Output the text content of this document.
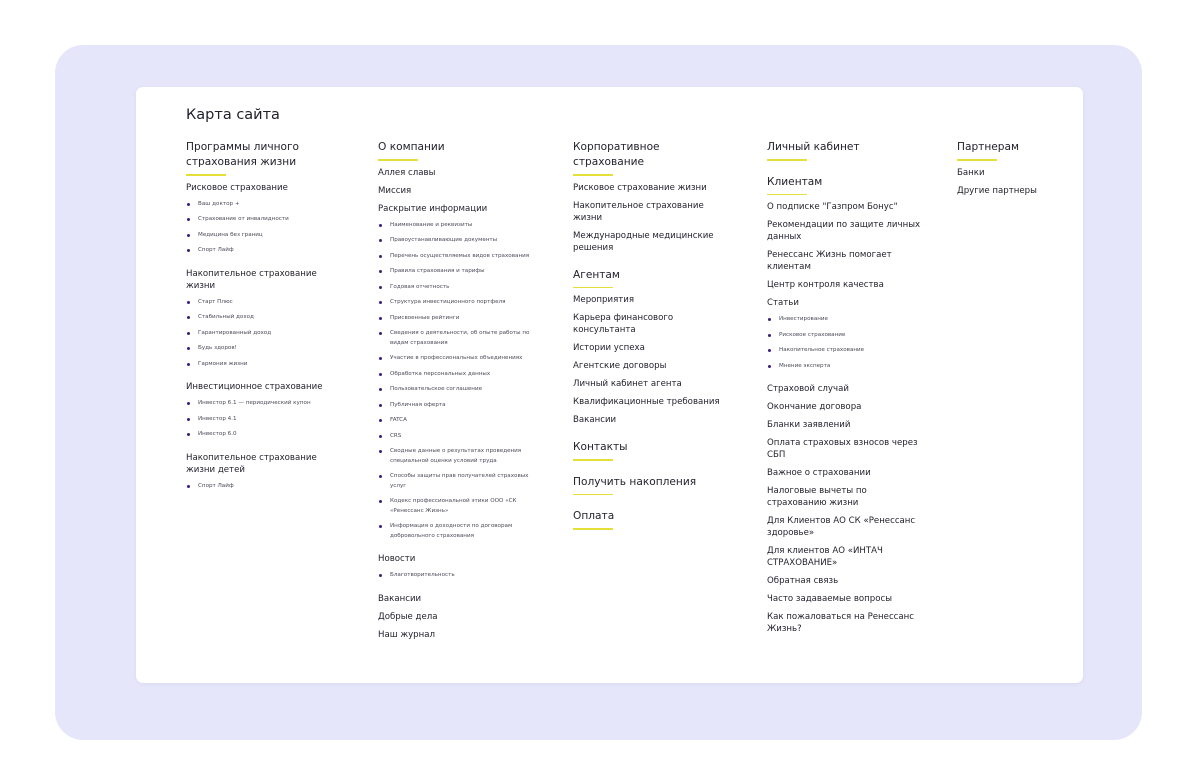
Карта сайта
Программы личного страхования жизни
Рисковое страхование
Ваш доктор +
Страхование от инвалидности
Медицина без границ
Спорт Лайф
Накопительное страхование жизни
Старт Плюс
Стабильный доход
Гарантированный доход
Будь здоров!
Гармония жизни
Инвестиционное страхование
Инвестор 6.1 — периодический купон
Инвестор 4.1
Инвестор 6.0
Накопительное страхование жизни детей
Спорт Лайф
О компании
Аллея славы
Миссия
Раскрытие информации
Наименование и реквизиты
Правоустанавливающие документы
Перечень осуществляемых видов страхования
Правила страхования и тарифы
Годовая отчетность
Структура инвестиционного портфеля
Присвоенные рейтинги
Сведения о деятельности, об опыте работы по видам страхования
Участие в профессиональных объединениях
Обработка персональных данных
Пользовательское соглашение
Публичная оферта
FATCA
CRS
Сводные данные о результатах проведения специальной оценки условий труда
Способы защиты прав получателей страховых услуг
Кодекс профессиональной этики ООО «СК «Ренессанс Жизнь»
Информация о доходности по договорам добровольного страхования
Новости
Благотворительность
Вакансии
Добрые дела
Наш журнал
Корпоративное страхование
Рисковое страхование жизни
Накопительное страхование жизни
Международные медицинские решения
Агентам
Мероприятия
Карьера финансового консультанта
Истории успеха
Агентские договоры
Личный кабинет агента
Квалификационные требования
Вакансии
Контакты
Получить накопления
Оплата
Личный кабинет
Клиентам
О подписке "Газпром Бонус"
Рекомендации по защите личных данных
Ренессанс Жизнь помогает клиентам
Центр контроля качества
Статьи
Инвестирование
Рисковое страхование
Накопительное страхование
Мнение эксперта
Страховой случай
Окончание договора
Бланки заявлений
Оплата страховых взносов через СБП
Важное о страховании
Налоговые вычеты по страхованию жизни
Для Клиентов АО СК «Ренессанс здоровье»
Для клиентов АО «ИНТАЧ СТРАХОВАНИЕ»
Обратная связь
Часто задаваемые вопросы
Как пожаловаться на Ренессанс Жизнь?
Партнерам
Банки
Другие партнеры
